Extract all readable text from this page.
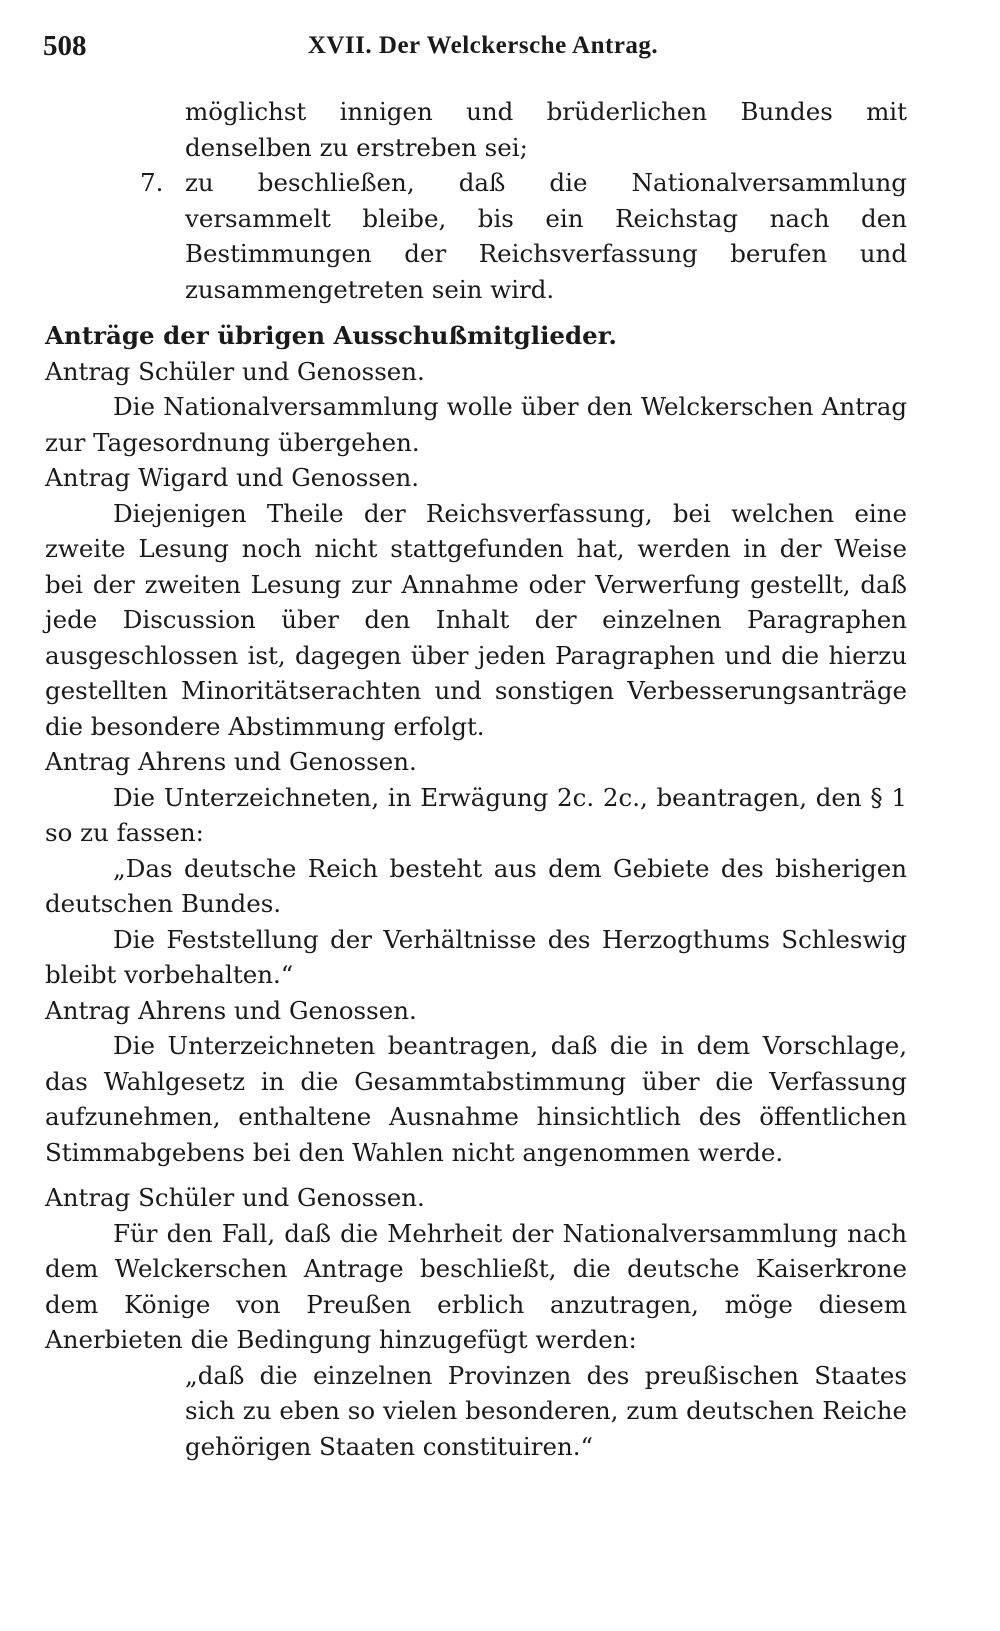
508	XVII. Der Welckersche Antrag.

möglichst innigen und brüderlichen Bundes mit denselben zu erstreben sei;

7. zu beschließen, daß die Nationalversammlung versammelt bleibe, bis ein Reichstag nach den Bestimmungen der Reichsverfassung berufen und zusammengetreten sein wird.

Anträge der übrigen Ausschußmitglieder.

Antrag Schüler und Genossen.

Die Nationalversammlung wolle über den Welckerschen Antrag zur Tagesordnung übergehen.

Antrag Wigard und Genossen.

Diejenigen Theile der Reichsverfassung, bei welchen eine zweite Lesung noch nicht stattgefunden hat, werden in der Weise bei der zweiten Lesung zur Annahme oder Verwerfung gestellt, daß jede Discussion über den Inhalt der einzelnen Paragraphen ausgeschlossen ist, dagegen über jeden Paragraphen und die hierzu gestellten Minoritätserachten und sonstigen Verbesserungsanträge die besondere Abstimmung erfolgt.

Antrag Ahrens und Genossen.

Die Unterzeichneten, in Erwägung 2c. 2c., beantragen, den § 1 so zu fassen:

„Das deutsche Reich besteht aus dem Gebiete des bisherigen deutschen Bundes.

Die Feststellung der Verhältnisse des Herzogthums Schleswig bleibt vorbehalten.“

Antrag Ahrens und Genossen.

Die Unterzeichneten beantragen, daß die in dem Vorschlage, das Wahlgesetz in die Gesammtabstimmung über die Verfassung aufzunehmen, enthaltene Ausnahme hinsichtlich des öffentlichen Stimmabgebens bei den Wahlen nicht angenommen werde.

Antrag Schüler und Genossen.

Für den Fall, daß die Mehrheit der Nationalversammlung nach dem Welckerschen Antrage beschließt, die deutsche Kaiserkrone dem Könige von Preußen erblich anzutragen, möge diesem Anerbieten die Bedingung hinzugefügt werden:

„daß die einzelnen Provinzen des preußischen Staates sich zu eben so vielen besonderen, zum deutschen Reiche gehörigen Staaten constituiren.“
